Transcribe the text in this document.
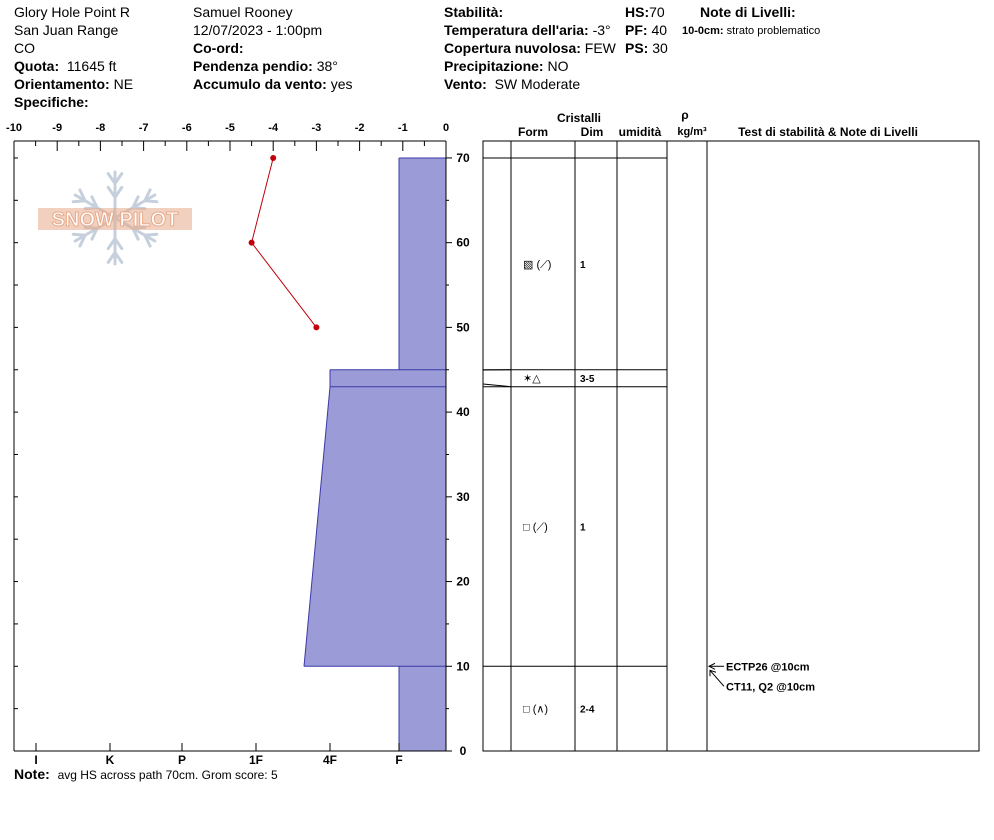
Glory Hole Point R
San Juan Range
CO
Quota: 11645 ft
Orientamento: NE
Specifiche:
Samuel Rooney
12/07/2023 - 1:00pm
Co-ord:
Pendenza pendio: 38°
Accumulo da vento: yes
Stabilità:
Temperatura dell'aria: -3°
Copertura nuvolosa: FEW
Precipitazione: NO
Vento: SW Moderate
HS:70
PF: 40
PS: 30
Note di Livelli:
10-0cm: strato problematico
SNOW PILOT
-10	-9	-8	-7	-6	-5	-4	-3	-2	-1	0
0
10
20
30
40
50
60
70
I	K	P	1F	4F	F
Cristalli
Form	Dim umidità
ρ
kg/m³	Test di stabilità & Note di Livelli
▧ (⟋)	1
✶△	3-5
□ (⟋)	1
□ (∧)	2-4
ECTP26 @10cm
CT11, Q2 @10cm
Note: avg HS across path 70cm. Grom score: 5
